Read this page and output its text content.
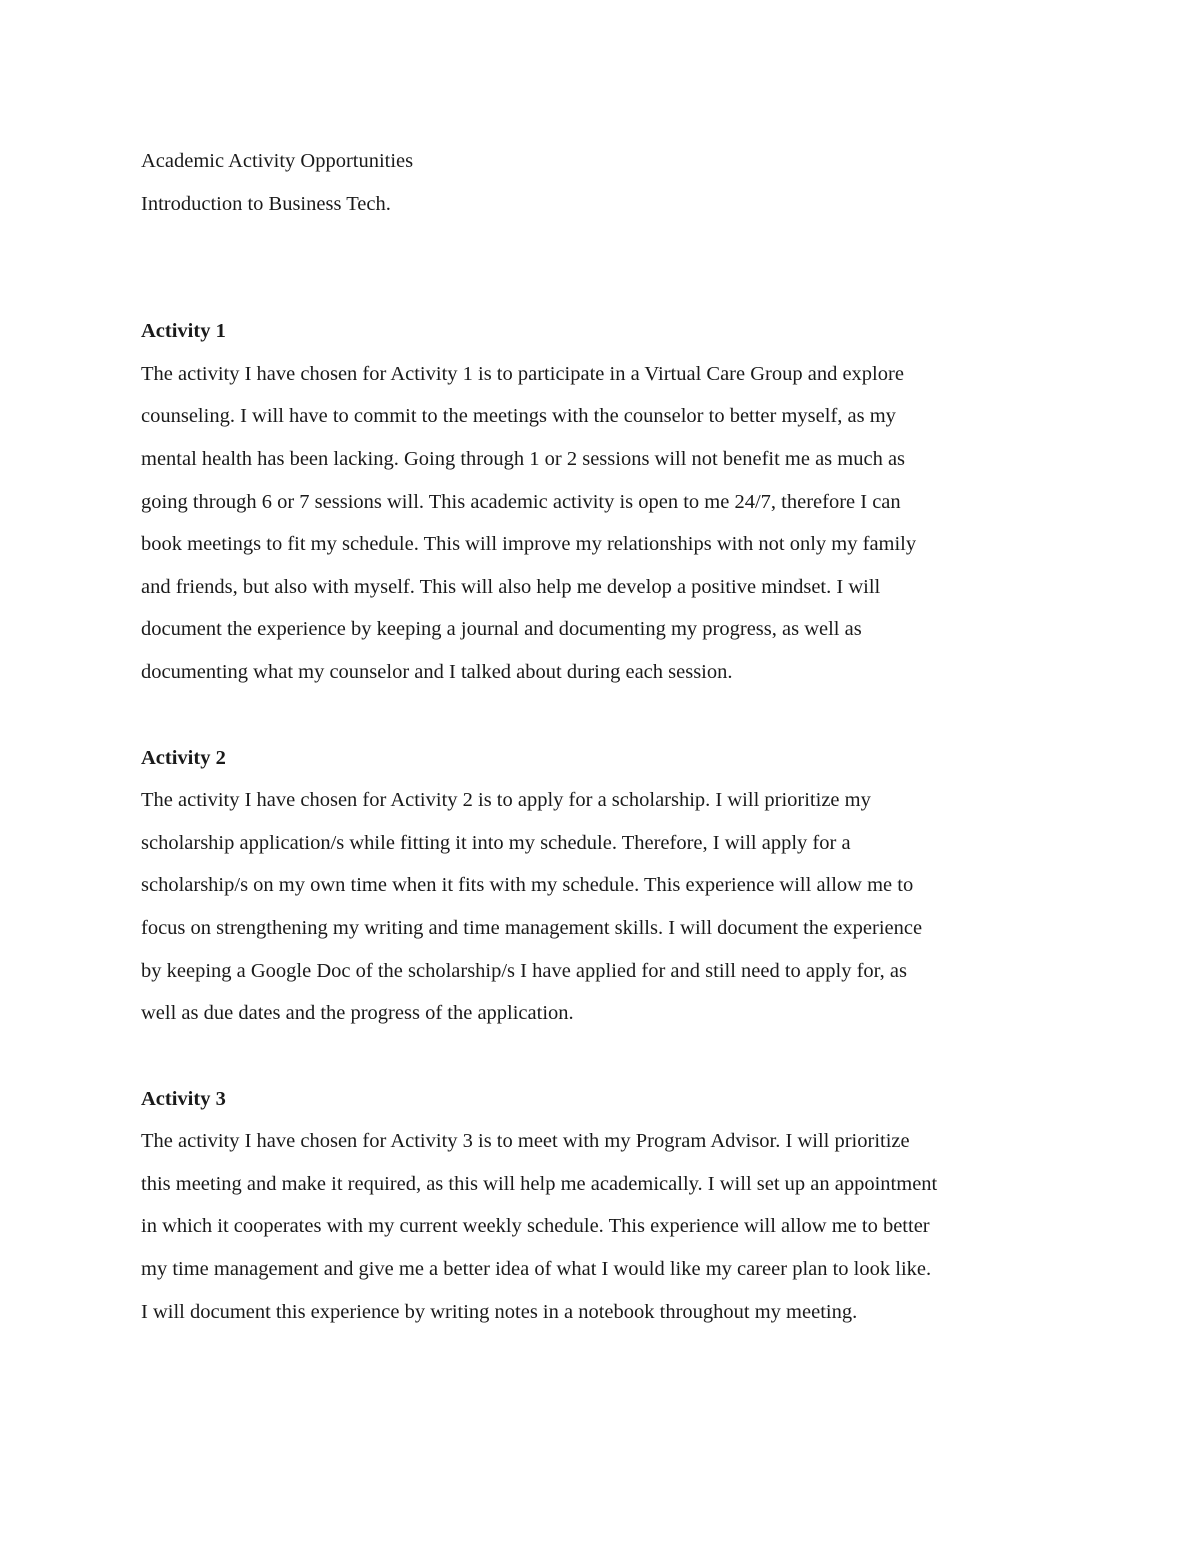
Academic Activity Opportunities
Introduction to Business Tech.
Activity 1
The activity I have chosen for Activity 1 is to participate in a Virtual Care Group and explore
counseling. I will have to commit to the meetings with the counselor to better myself, as my
mental health has been lacking. Going through 1 or 2 sessions will not benefit me as much as
going through 6 or 7 sessions will. This academic activity is open to me 24/7, therefore I can
book meetings to fit my schedule. This will improve my relationships with not only my family
and friends, but also with myself. This will also help me develop a positive mindset. I will
document the experience by keeping a journal and documenting my progress, as well as
documenting what my counselor and I talked about during each session.
Activity 2
The activity I have chosen for Activity 2 is to apply for a scholarship. I will prioritize my
scholarship application/s while fitting it into my schedule. Therefore, I will apply for a
scholarship/s on my own time when it fits with my schedule. This experience will allow me to
focus on strengthening my writing and time management skills. I will document the experience
by keeping a Google Doc of the scholarship/s I have applied for and still need to apply for, as
well as due dates and the progress of the application.
Activity 3
The activity I have chosen for Activity 3 is to meet with my Program Advisor. I will prioritize
this meeting and make it required, as this will help me academically. I will set up an appointment
in which it cooperates with my current weekly schedule. This experience will allow me to better
my time management and give me a better idea of what I would like my career plan to look like.
I will document this experience by writing notes in a notebook throughout my meeting.
